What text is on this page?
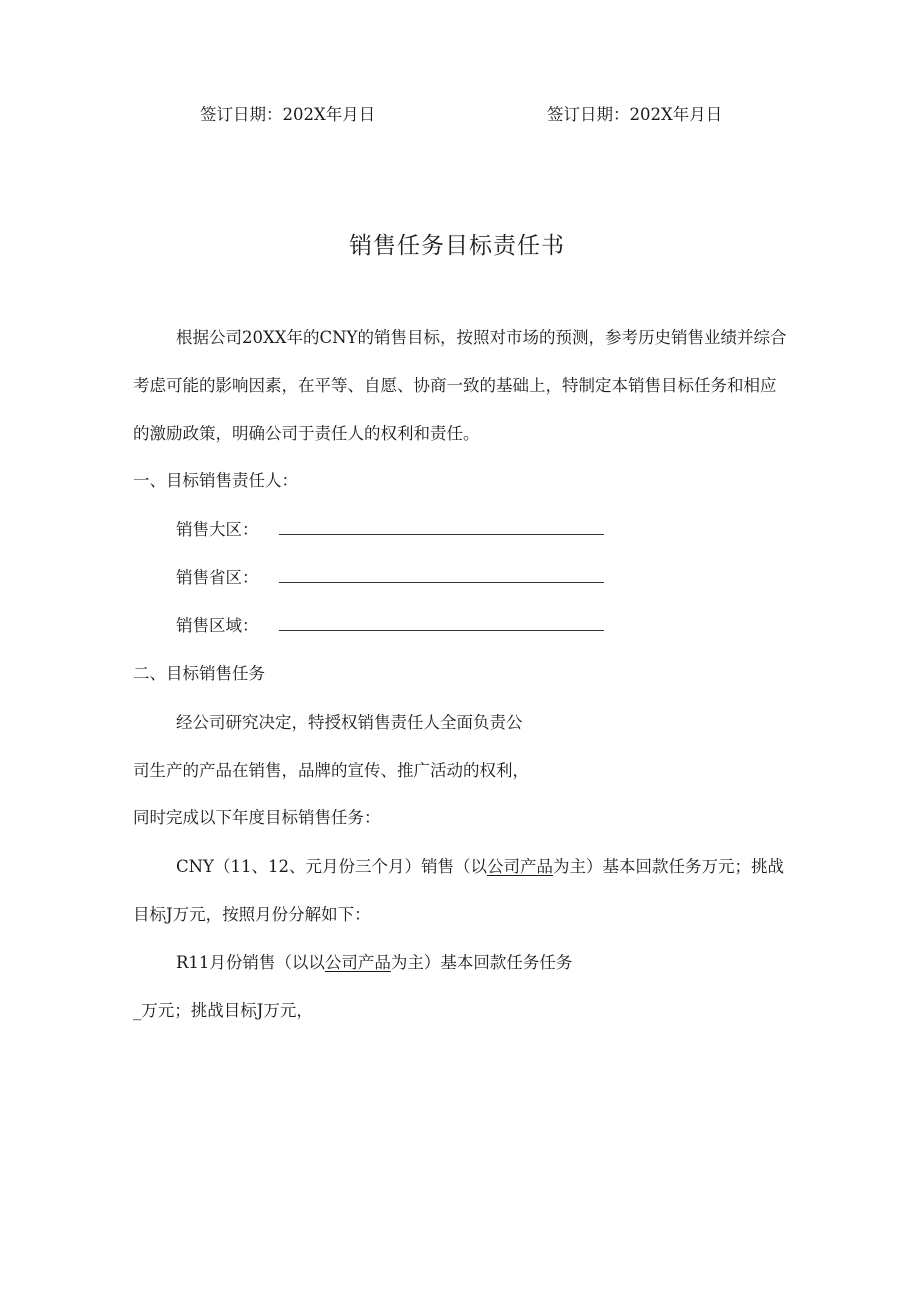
签订日期：202X年月日	签订日期：202X年月日
销售任务目标责任书
根据公司20XX年的CNY的销售目标，按照对市场的预测，参考历史销售业绩并综合
考虑可能的影响因素，在平等、自愿、协商一致的基础上，特制定本销售目标任务和相应
的激励政策，明确公司于责任人的权利和责任。
一、目标销售责任人：
销售大区：
销售省区：
销售区域：
二、目标销售任务
经公司研究决定，特授权销售责任人全面负责公
司生产的产品在销售，品牌的宣传、推广活动的权利，
同时完成以下年度目标销售任务：
CNY（11、12、元月份三个月）销售（以公司产品为主）基本回款任务万元；挑战
目标J万元，按照月份分解如下：
R11月份销售（以以公司产品为主）基本回款任务任务
_万元；挑战目标J万元，
